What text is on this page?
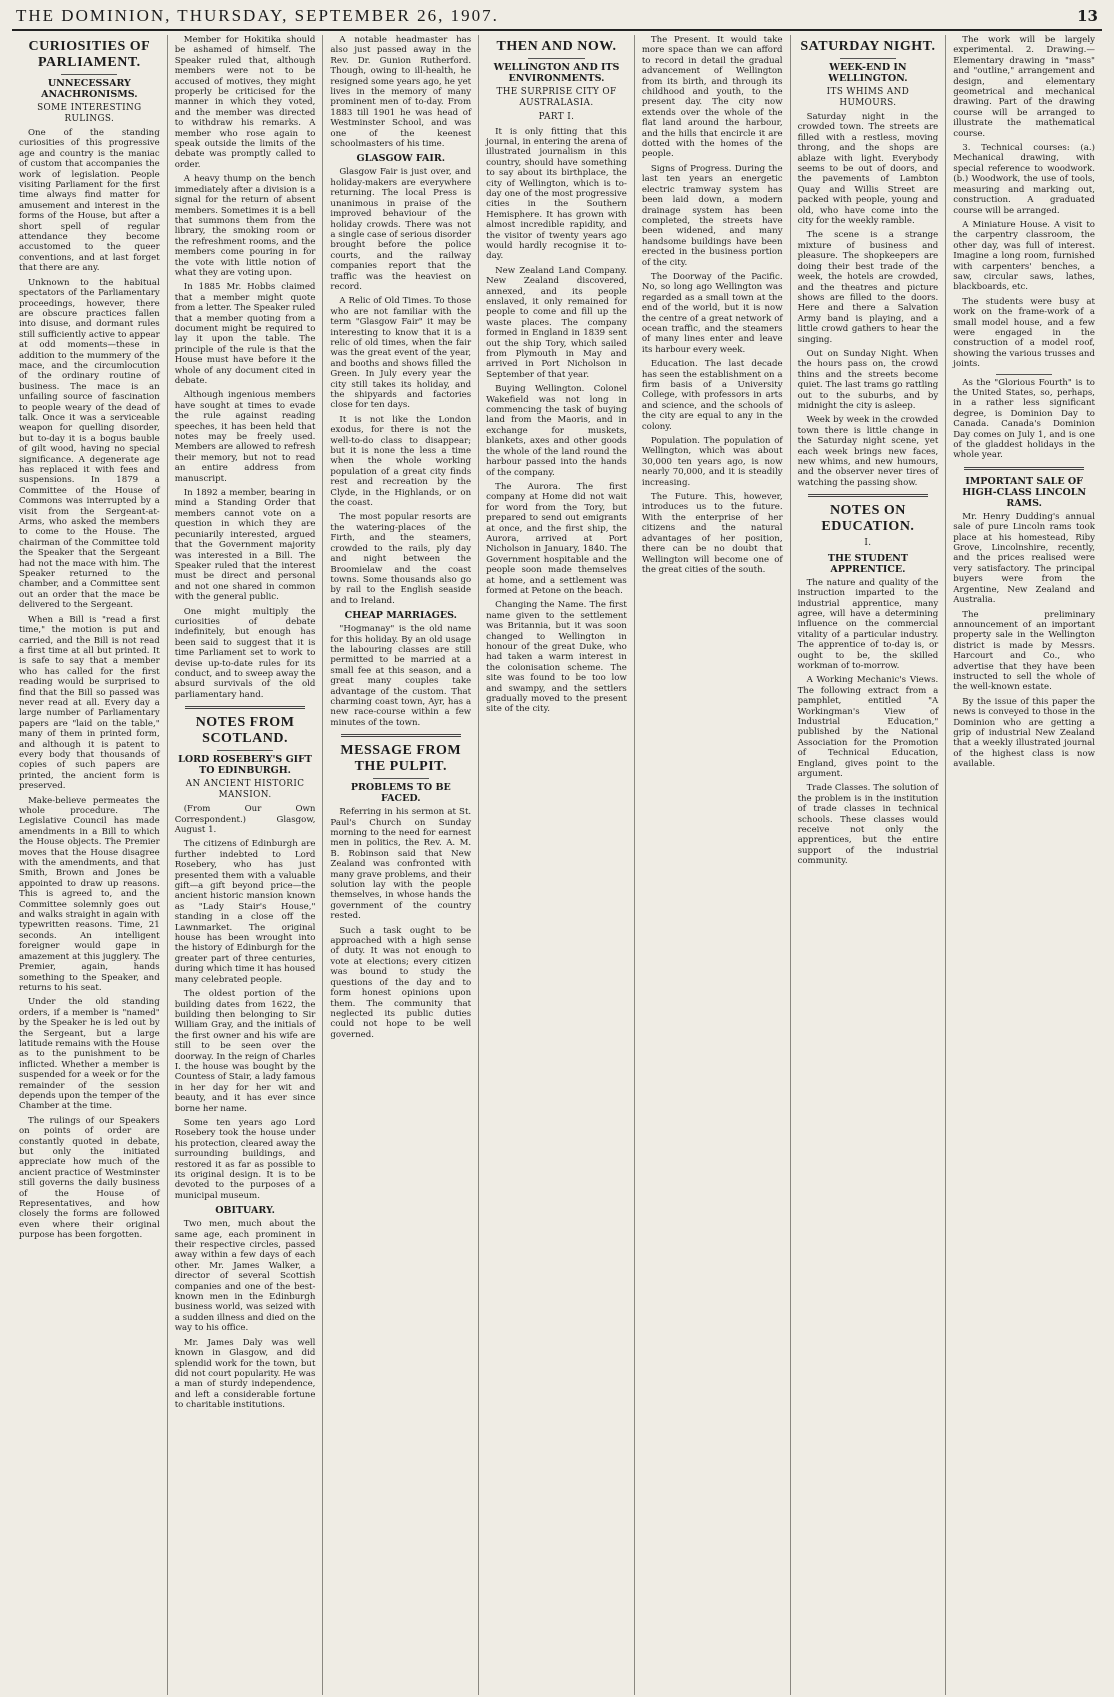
THE DOMINION, THURSDAY, SEPTEMBER 26, 1907.	13
CURIOSITIES OF PARLIAMENT.
UNNECESSARY ANACHRONISMS.
SOME INTERESTING RULINGS.

One of the standing curiosities of this progressive age and country is the maniac of custom that accompanies the work of legislation. People visiting Parliament for the first time always find matter for amusement and interest in the forms of the House, but after a short spell of regular attendance they become accustomed to the queer conventions, and at last forget that there are any.

Unknown to the habitual spectators of the Parliamentary proceedings, however, there are obscure practices fallen into disuse, and dormant rules still sufficiently active to appear at odd moments—these in addition to the mummery of the mace, and the circumlocution of the ordinary routine of business. The mace is an unfailing source of fascination to people weary of the dead of talk. Once it was a serviceable weapon for quelling disorder, but to-day it is a bogus bauble of gilt wood, having no special significance. A degenerate age has replaced it with fees and suspensions. In 1879 a Committee of the House of Commons was interrupted by a visit from the Sergeant-at-Arms, who asked the members to come to the House. The chairman of the Committee told the Speaker that the Sergeant had not the mace with him. The Speaker returned to the chamber, and a Committee sent out an order that the mace be delivered to the Sergeant.

When a Bill is "read a first time," the motion is put and carried, and the Bill is not read a first time at all but printed. It is safe to say that a member who has called for the first reading would be surprised to find that the Bill so passed was never read at all. Every day a large number of Parliamentary papers are "laid on the table," many of them in printed form, and although it is patent to every body that thousands of copies of such papers are printed, the ancient form is preserved.

Make-believe permeates the whole procedure. The Legislative Council has made amendments in a Bill to which the House objects. The Premier moves that the House disagree with the amendments, and that Smith, Brown and Jones be appointed to draw up reasons. This is agreed to, and the Committee solemnly goes out and walks straight in again with typewritten reasons. Time, 21 seconds. An intelligent foreigner would gape in amazement at this jugglery. The Premier, again, hands something to the Speaker, and returns to his seat.

Under the old standing orders, if a member is "named" by the Speaker he is led out by the Sergeant, but a large latitude remains with the House as to the punishment to be inflicted. Whether a member is suspended for a week or for the remainder of the session depends upon the temper of the Chamber at the time.

The rulings of our Speakers on points of order are constantly quoted in debate, but only the initiated appreciate how much of the ancient practice of Westminster still governs the daily business of the House of Representatives, and how closely the forms are followed even where their original purpose has been forgotten.

Member for Hokitika should be ashamed of himself. The Speaker ruled that, although members were not to be accused of motives, they might properly be criticised for the manner in which they voted, and the member was directed to withdraw his remarks. A member who rose again to speak outside the limits of the debate was promptly called to order.

A heavy thump on the bench immediately after a division is a signal for the return of absent members. Sometimes it is a bell that summons them from the library, the smoking room or the refreshment rooms, and the members come pouring in for the vote with little notion of what they are voting upon.

In 1885 Mr. Hobbs claimed that a member might quote from a letter. The Speaker ruled that a member quoting from a document might be required to lay it upon the table. The principle of the rule is that the House must have before it the whole of any document cited in debate.

Although ingenious members have sought at times to evade the rule against reading speeches, it has been held that notes may be freely used. Members are allowed to refresh their memory, but not to read an entire address from manuscript.

In 1892 a member, bearing in mind a Standing Order that members cannot vote on a question in which they are pecuniarily interested, argued that the Government majority was interested in a Bill. The Speaker ruled that the interest must be direct and personal and not one shared in common with the general public.

One might multiply the curiosities of debate indefinitely, but enough has been said to suggest that it is time Parliament set to work to devise up-to-date rules for its conduct, and to sweep away the absurd survivals of the old parliamentary hand.

NOTES FROM SCOTLAND.
LORD ROSEBERY'S GIFT TO EDINBURGH.
AN ANCIENT HISTORIC MANSION.

(From Our Own Correspondent.) Glasgow, August 1.

The citizens of Edinburgh are further indebted to Lord Rosebery, who has just presented them with a valuable gift—a gift beyond price—the ancient historic mansion known as "Lady Stair's House," standing in a close off the Lawnmarket. The original house has been wrought into the history of Edinburgh for the greater part of three centuries, during which time it has housed many celebrated people.

The oldest portion of the building dates from 1622, the building then belonging to Sir William Gray, and the initials of the first owner and his wife are still to be seen over the doorway. In the reign of Charles I. the house was bought by the Countess of Stair, a lady famous in her day for her wit and beauty, and it has ever since borne her name.

Some ten years ago Lord Rosebery took the house under his protection, cleared away the surrounding buildings, and restored it as far as possible to its original design. It is to be devoted to the purposes of a municipal museum.

OBITUARY.

Two men, much about the same age, each prominent in their respective circles, passed away within a few days of each other. Mr. James Walker, a director of several Scottish companies and one of the best-known men in the Edinburgh business world, was seized with a sudden illness and died on the way to his office.

Mr. James Daly was well known in Glasgow, and did splendid work for the town, but did not court popularity. He was a man of sturdy independence, and left a considerable fortune to charitable institutions.

A notable headmaster has also just passed away in the Rev. Dr. Gunion Rutherford. Though, owing to ill-health, he resigned some years ago, he yet lives in the memory of many prominent men of to-day. From 1883 till 1901 he was head of Westminster School, and was one of the keenest schoolmasters of his time.

GLASGOW FAIR.

Glasgow Fair is just over, and holiday-makers are everywhere returning. The local Press is unanimous in praise of the improved behaviour of the holiday crowds. There was not a single case of serious disorder brought before the police courts, and the railway companies report that the traffic was the heaviest on record.

A Relic of Old Times. To those who are not familiar with the term "Glasgow Fair" it may be interesting to know that it is a relic of old times, when the fair was the great event of the year, and booths and shows filled the Green. In July every year the city still takes its holiday, and the shipyards and factories close for ten days.

It is not like the London exodus, for there is not the well-to-do class to disappear; but it is none the less a time when the whole working population of a great city finds rest and recreation by the Clyde, in the Highlands, or on the coast.

The most popular resorts are the watering-places of the Firth, and the steamers, crowded to the rails, ply day and night between the Broomielaw and the coast towns. Some thousands also go by rail to the English seaside and to Ireland.

CHEAP MARRIAGES.

"Hogmanay" is the old name for this holiday. By an old usage the labouring classes are still permitted to be married at a small fee at this season, and a great many couples take advantage of the custom. That charming coast town, Ayr, has a new race-course within a few minutes of the town.

MESSAGE FROM THE PULPIT.
PROBLEMS TO BE FACED.

Referring in his sermon at St. Paul's Church on Sunday morning to the need for earnest men in politics, the Rev. A. M. B. Robinson said that New Zealand was confronted with many grave problems, and their solution lay with the people themselves, in whose hands the government of the country rested.

Such a task ought to be approached with a high sense of duty. It was not enough to vote at elections; every citizen was bound to study the questions of the day and to form honest opinions upon them. The community that neglected its public duties could not hope to be well governed.

THEN AND NOW.
WELLINGTON AND ITS ENVIRONMENTS.
THE SURPRISE CITY OF AUSTRALASIA.
PART I.

It is only fitting that this journal, in entering the arena of illustrated journalism in this country, should have something to say about its birthplace, the city of Wellington, which is to-day one of the most progressive cities in the Southern Hemisphere. It has grown with almost incredible rapidity, and the visitor of twenty years ago would hardly recognise it to-day.

New Zealand Land Company. New Zealand discovered, annexed, and its people enslaved, it only remained for people to come and fill up the waste places. The company formed in England in 1839 sent out the ship Tory, which sailed from Plymouth in May and arrived in Port Nicholson in September of that year.

Buying Wellington. Colonel Wakefield was not long in commencing the task of buying land from the Maoris, and in exchange for muskets, blankets, axes and other goods the whole of the land round the harbour passed into the hands of the company.

The Aurora. The first company at Home did not wait for word from the Tory, but prepared to send out emigrants at once, and the first ship, the Aurora, arrived at Port Nicholson in January, 1840. The Government hospitable and the people soon made themselves at home, and a settlement was formed at Petone on the beach.

Changing the Name. The first name given to the settlement was Britannia, but it was soon changed to Wellington in honour of the great Duke, who had taken a warm interest in the colonisation scheme. The site was found to be too low and swampy, and the settlers gradually moved to the present site of the city.

The Present. It would take more space than we can afford to record in detail the gradual advancement of Wellington from its birth, and through its childhood and youth, to the present day. The city now extends over the whole of the flat land around the harbour, and the hills that encircle it are dotted with the homes of the people.

Signs of Progress. During the last ten years an energetic electric tramway system has been laid down, a modern drainage system has been completed, the streets have been widened, and many handsome buildings have been erected in the business portion of the city.

The Doorway of the Pacific. No, so long ago Wellington was regarded as a small town at the end of the world, but it is now the centre of a great network of ocean traffic, and the steamers of many lines enter and leave its harbour every week.

Education. The last decade has seen the establishment on a firm basis of a University College, with professors in arts and science, and the schools of the city are equal to any in the colony.

Population. The population of Wellington, which was about 30,000 ten years ago, is now nearly 70,000, and it is steadily increasing.

The Future. This, however, introduces us to the future. With the enterprise of her citizens and the natural advantages of her position, there can be no doubt that Wellington will become one of the great cities of the south.

SATURDAY NIGHT.
WEEK-END IN WELLINGTON.
ITS WHIMS AND HUMOURS.

Saturday night in the crowded town. The streets are filled with a restless, moving throng, and the shops are ablaze with light. Everybody seems to be out of doors, and the pavements of Lambton Quay and Willis Street are packed with people, young and old, who have come into the city for the weekly ramble.

The scene is a strange mixture of business and pleasure. The shopkeepers are doing their best trade of the week, the hotels are crowded, and the theatres and picture shows are filled to the doors. Here and there a Salvation Army band is playing, and a little crowd gathers to hear the singing.

Out on Sunday Night. When the hours pass on, the crowd thins and the streets become quiet. The last trams go rattling out to the suburbs, and by midnight the city is asleep.

Week by week in the crowded town there is little change in the Saturday night scene, yet each week brings new faces, new whims, and new humours, and the observer never tires of watching the passing show.

NOTES ON EDUCATION.
I.
THE STUDENT APPRENTICE.

The nature and quality of the instruction imparted to the industrial apprentice, many agree, will have a determining influence on the commercial vitality of a particular industry. The apprentice of to-day is, or ought to be, the skilled workman of to-morrow.

A Working Mechanic's Views. The following extract from a pamphlet, entitled "A Workingman's View of Industrial Education," published by the National Association for the Promotion of Technical Education, England, gives point to the argument.

Trade Classes. The solution of the problem is in the institution of trade classes in technical schools. These classes would receive not only the apprentices, but the entire support of the industrial community.

The work will be largely experimental. 2. Drawing.—Elementary drawing in "mass" and "outline," arrangement and design, and elementary geometrical and mechanical drawing. Part of the drawing course will be arranged to illustrate the mathematical course.

3. Technical courses: (a.) Mechanical drawing, with special reference to woodwork. (b.) Woodwork, the use of tools, measuring and marking out, construction. A graduated course will be arranged.

A Miniature House. A visit to the carpentry classroom, the other day, was full of interest. Imagine a long room, furnished with carpenters' benches, a saw, circular saws, lathes, blackboards, etc.

The students were busy at work on the frame-work of a small model house, and a few were engaged in the construction of a model roof, showing the various trusses and joints.

As the "Glorious Fourth" is to the United States, so, perhaps, in a rather less significant degree, is Dominion Day to Canada. Canada's Dominion Day comes on July 1, and is one of the gladdest holidays in the whole year.

IMPORTANT SALE OF HIGH-CLASS LINCOLN RAMS.

Mr. Henry Dudding's annual sale of pure Lincoln rams took place at his homestead, Riby Grove, Lincolnshire, recently, and the prices realised were very satisfactory. The principal buyers were from the Argentine, New Zealand and Australia.

The preliminary announcement of an important property sale in the Wellington district is made by Messrs. Harcourt and Co., who advertise that they have been instructed to sell the whole of the well-known estate.

By the issue of this paper the news is conveyed to those in the Dominion who are getting a grip of industrial New Zealand that a weekly illustrated journal of the highest class is now available.
